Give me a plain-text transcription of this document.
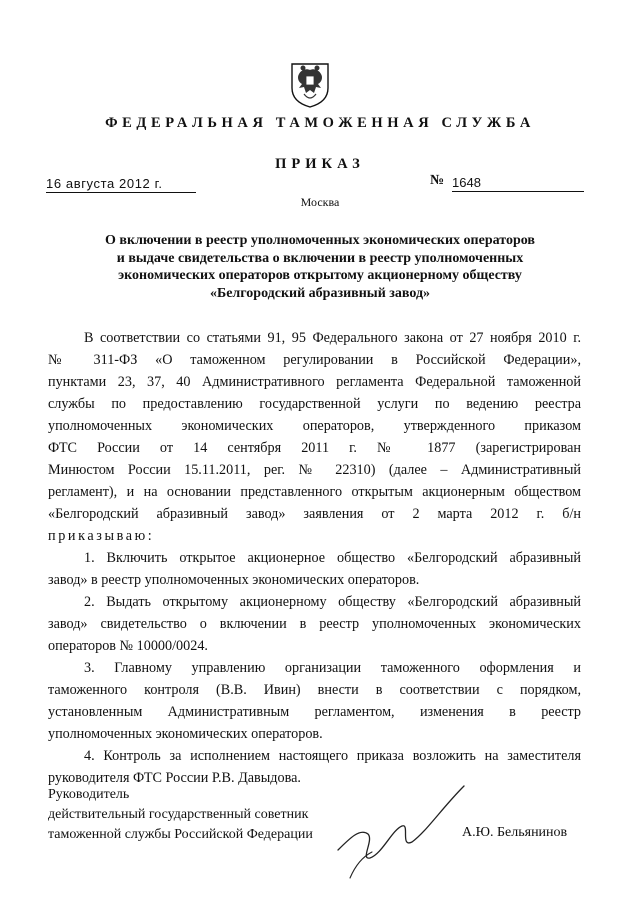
ФЕДЕРАЛЬНАЯ ТАМОЖЕННАЯ СЛУЖБА
ПРИКАЗ
16 августа 2012 г.	№ 1648
Москва
О включении в реестр уполномоченных экономических операторов
и выдаче свидетельства о включении в реестр уполномоченных
экономических операторов открытому акционерному обществу
«Белгородский абразивный завод»
В соответствии со статьями 91, 95 Федерального закона от 27 ноября 2010 г.
№ 311-ФЗ «О таможенном регулировании в Российской Федерации»,
пунктами 23, 37, 40 Административного регламента Федеральной таможенной
службы по предоставлению государственной услуги по ведению реестра
уполномоченных экономических операторов, утвержденного приказом
ФТС России от 14 сентября 2011 г. № 1877 (зарегистрирован
Минюстом России 15.11.2011, рег. № 22310) (далее – Административный
регламент), и на основании представленного открытым акционерным обществом
«Белгородский абразивный завод» заявления от 2 марта 2012 г. б/н
приказываю:
1. Включить открытое акционерное общество «Белгородский абразивный
завод» в реестр уполномоченных экономических операторов.
2. Выдать открытому акционерному обществу «Белгородский абразивный
завод» свидетельство о включении в реестр уполномоченных экономических
операторов № 10000/0024.
3. Главному управлению организации таможенного оформления и
таможенного контроля (В.В. Ивин) внести в соответствии с порядком,
установленным Административным регламентом, изменения в реестр
уполномоченных экономических операторов.
4. Контроль за исполнением настоящего приказа возложить на заместителя
руководителя ФТС России Р.В. Давыдова.
Руководитель
действительный государственный советник
таможенной службы Российской Федерации	А.Ю. Бельянинов
